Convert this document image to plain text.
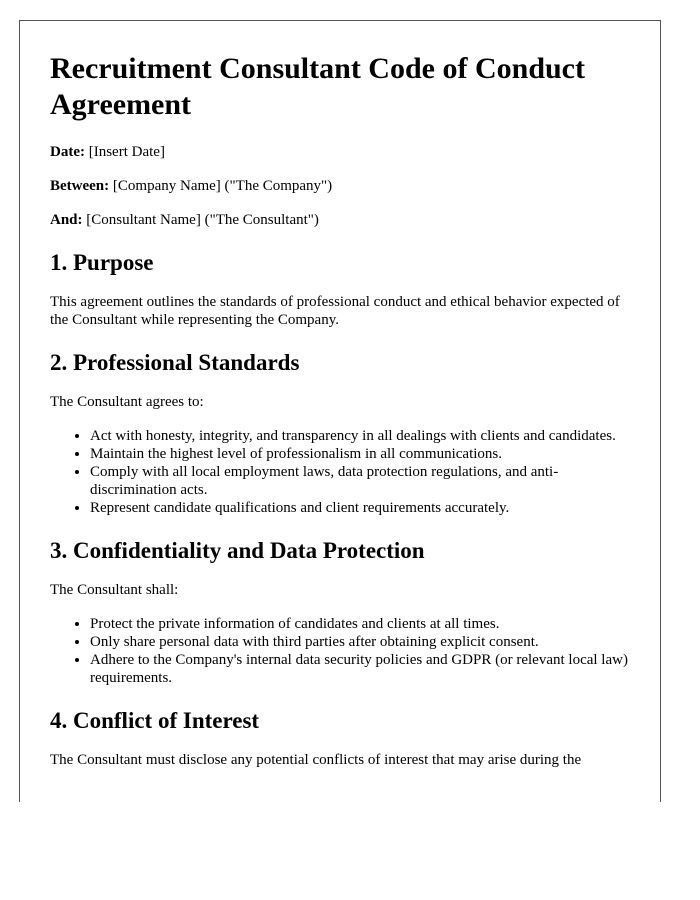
Recruitment Consultant Code of Conduct Agreement

Date: [Insert Date]

Between: [Company Name] ("The Company")

And: [Consultant Name] ("The Consultant")

1. Purpose

This agreement outlines the standards of professional conduct and ethical behavior expected of the Consultant while representing the Company.

2. Professional Standards

The Consultant agrees to:

• Act with honesty, integrity, and transparency in all dealings with clients and candidates.
• Maintain the highest level of professionalism in all communications.
• Comply with all local employment laws, data protection regulations, and anti-discrimination acts.
• Represent candidate qualifications and client requirements accurately.
3. Confidentiality and Data Protection

The Consultant shall:

• Protect the private information of candidates and clients at all times.
• Only share personal data with third parties after obtaining explicit consent.
• Adhere to the Company's internal data security policies and GDPR (or relevant local law) requirements.
4. Conflict of Interest

The Consultant must disclose any potential conflicts of interest that may arise during the
